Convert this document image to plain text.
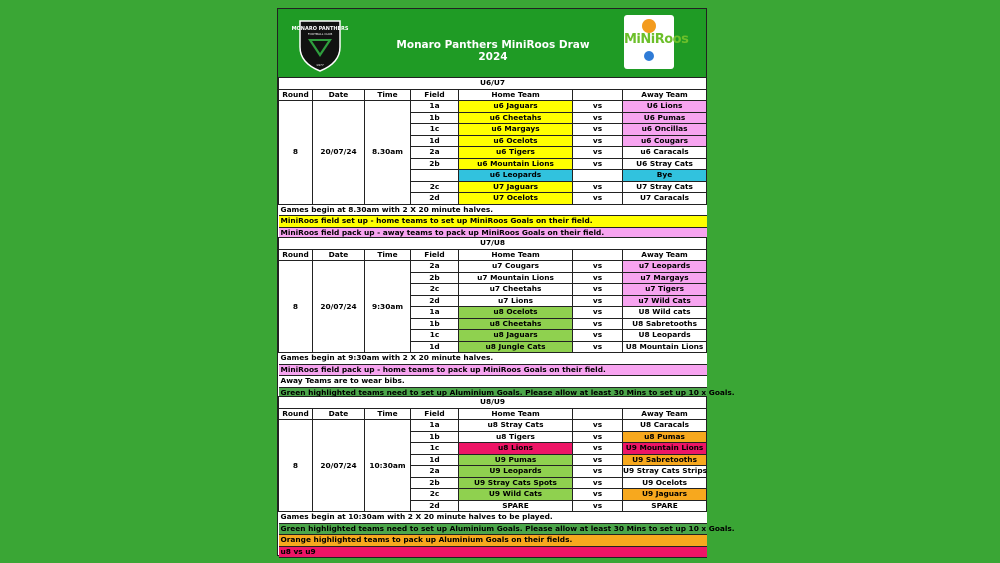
MONARO PANTHERS
FOOTBALL CLUB
1977
Monaro Panthers MiniRoos Draw 2024
MiNiRoos
U6/U7						
Round	Date	Time	Field	Home Team		Away Team
8	20/07/24	8.30am	1a	u6 Jaguars	vs	U6 Lions
			1b	u6 Cheetahs	vs	U6 Pumas
			1c	u6 Margays	vs	u6 Oncillas
			1d	u6 Ocelots	vs	u6 Cougars
			2a	u6 Tigers	vs	u6 Caracals
			2b	u6 Mountain Lions	vs	U6 Stray Cats
				u6 Leopards		Bye
			2c	U7 Jaguars	vs	U7 Stray Cats
			2d	U7 Ocelots	vs	U7 Caracals
Games begin at 8.30am with 2 X 20 minute halves.						
MiniRoos field set up - home teams to set up MiniRoos Goals on their field.						
MiniRoos field pack up - away teams to pack up MiniRoos Goals on their field.						
U7/U8						
Round	Date	Time	Field	Home Team		Away Team
8	20/07/24	9:30am	2a	u7 Cougars	vs	u7 Leopards
			2b	u7 Mountain Lions	vs	u7 Margays
			2c	u7 Cheetahs	vs	u7 Tigers
			2d	u7 Lions	vs	u7 Wild Cats
			1a	u8 Ocelots	vs	U8 Wild cats
			1b	u8 Cheetahs	vs	U8 Sabretooths
			1c	u8 Jaguars	vs	U8 Leopards
			1d	u8 Jungle Cats	vs	U8 Mountain Lions
Games begin at 9:30am with 2 X 20 minute halves.						
MiniRoos field pack up - home teams to pack up MiniRoos Goals on their field.						
Away Teams are to wear bibs.						
Green highlighted teams need to set up Aluminium Goals. Please allow at least 30 Mins to set up 10 x Goals.						
U8/U9						
Round	Date	Time	Field	Home Team		Away Team
8	20/07/24	10:30am	1a	u8 Stray Cats	vs	U8 Caracals
			1b	u8 Tigers	vs	u8 Pumas
			1c	u8 Lions	vs	U9 Mountain Lions
			1d	U9 Pumas	vs	U9 Sabretooths
			2a	U9 Leopards	vs	U9 Stray Cats Strips
			2b	U9 Stray Cats Spots	vs	U9 Ocelots
			2c	U9 Wild Cats	vs	U9 Jaguars
			2d	SPARE	vs	SPARE
Games begin at 10:30am with 2 X 20 minute halves to be played.						
Green highlighted teams need to set up Aluminium Goals. Please allow at least 30 Mins to set up 10 x Goals.						
Orange highlighted teams to pack up Aluminium Goals on their fields.						
u8 vs u9						
